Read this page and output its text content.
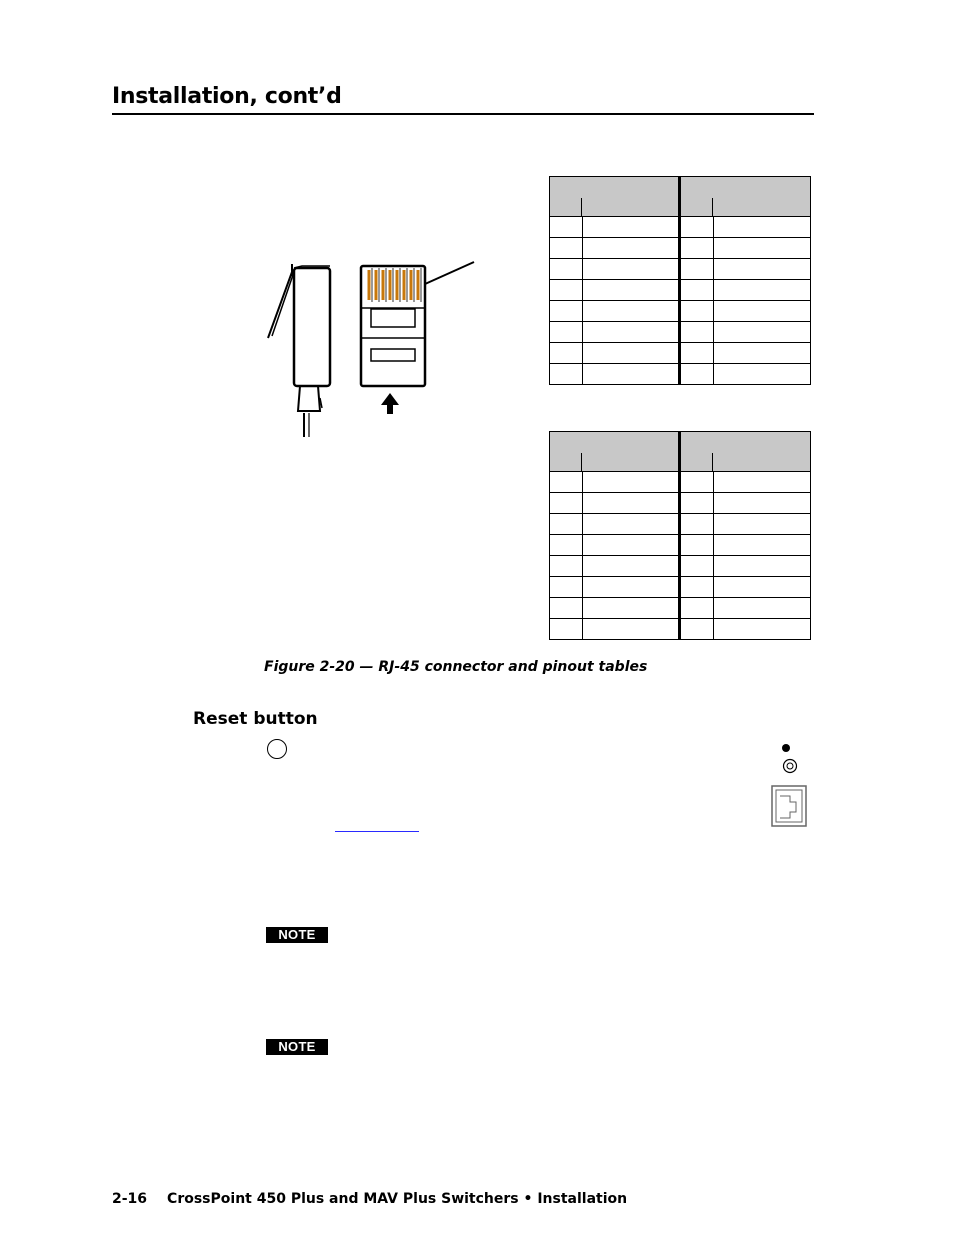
Installation, cont’d

Figure 2-20 — RJ-45 connector and pinout tables
Reset button
NOTE
NOTE
2-16 CrossPoint 450 Plus and MAV Plus Switchers • Installation
